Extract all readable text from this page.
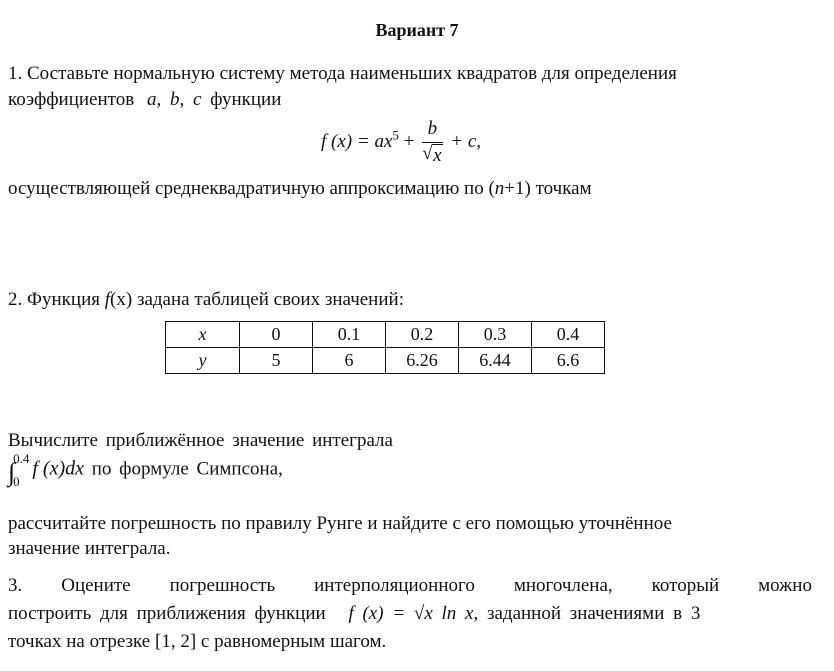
Вариант 7
1. Составьте нормальную систему метода наименьших квадратов для определения
коэффициентов a, b, c функции
f $(x) = ax^5 + \frac{b}{√ x} + c$,
осуществляющей среднеквадратичную аппроксимацию по (n+1) точкам
2. Функция f(x) задана таблицей своих значений:
x	0	0.1	0.2	0.3	0.4
y	5	6	6.26	6.44	6.6
Вычислите приближённое значение интеграла
∫
0.4
0
f (x)dx по формуле Симпсона,
рассчитайте погрешность по правилу Рунге и найдите с его помощью уточнённое
значение интеграла.
3. Оцените погрешность интерполяционного многочлена, который можно
построить для приближения функции f (x) = √x ln x, заданной значениями в 3
точках на отрезке [1, 2] с равномерным шагом.
